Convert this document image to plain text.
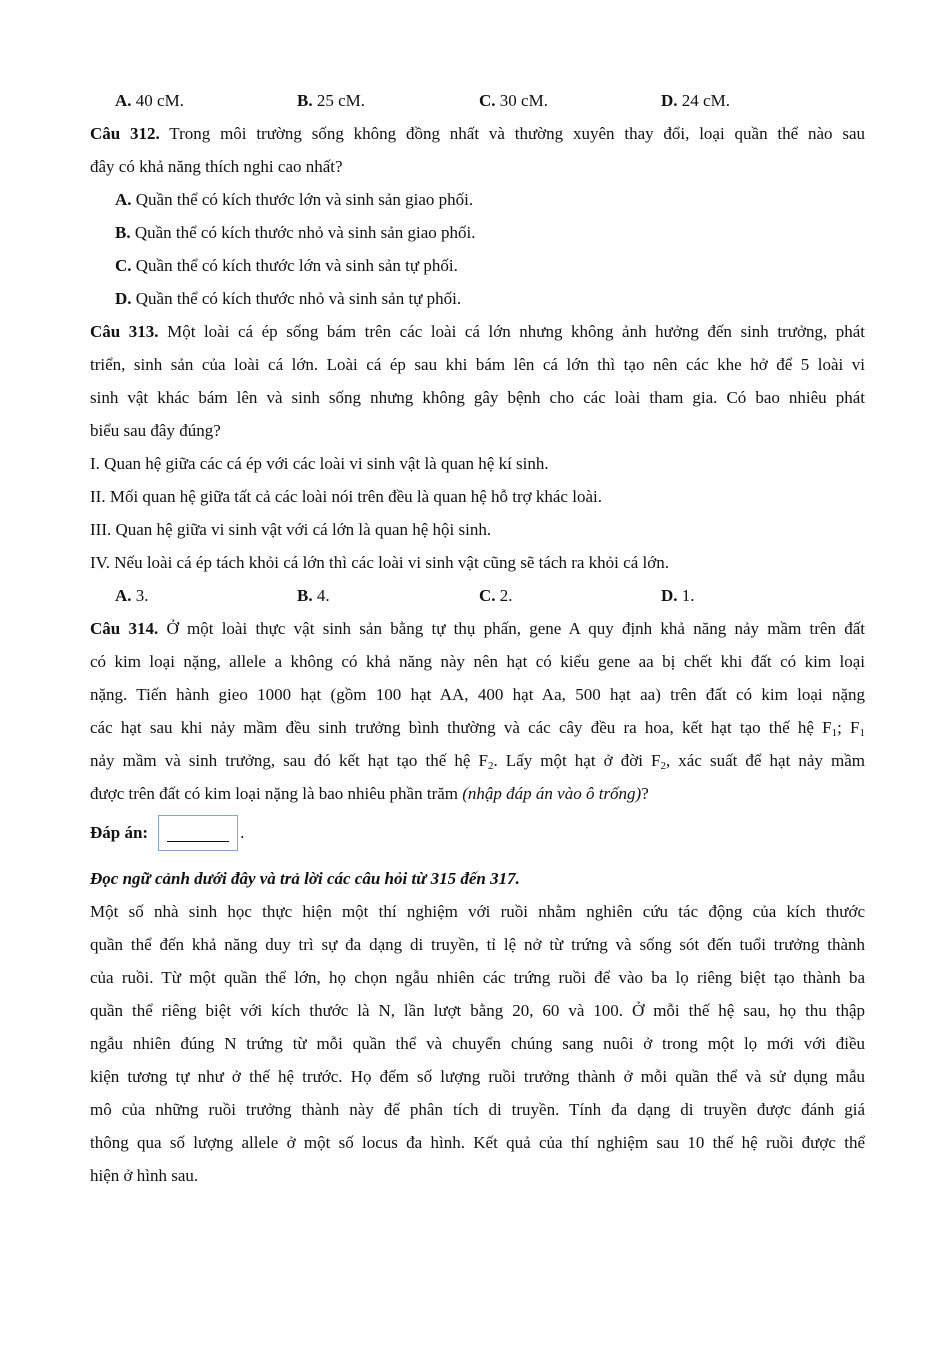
A. 40 cM.	B. 25 cM.	C. 30 cM.	D. 24 cM.
Câu 312. Trong môi trường sống không đồng nhất và thường xuyên thay đổi, loại quần thể nào sau
đây có khả năng thích nghi cao nhất?
A. Quần thể có kích thước lớn và sinh sản giao phối.
B. Quần thể có kích thước nhỏ và sinh sản giao phối.
C. Quần thể có kích thước lớn và sinh sản tự phối.
D. Quần thể có kích thước nhỏ và sinh sản tự phối.
Câu 313. Một loài cá ép sống bám trên các loài cá lớn nhưng không ảnh hưởng đến sinh trưởng, phát
triển, sinh sản của loài cá lớn. Loài cá ép sau khi bám lên cá lớn thì tạo nên các khe hở để 5 loài vi
sinh vật khác bám lên và sinh sống nhưng không gây bệnh cho các loài tham gia. Có bao nhiêu phát
biểu sau đây đúng?
I. Quan hệ giữa các cá ép với các loài vi sinh vật là quan hệ kí sinh.
II. Mối quan hệ giữa tất cả các loài nói trên đều là quan hệ hỗ trợ khác loài.
III. Quan hệ giữa vi sinh vật với cá lớn là quan hệ hội sinh.
IV. Nếu loài cá ép tách khỏi cá lớn thì các loài vi sinh vật cũng sẽ tách ra khỏi cá lớn.
A. 3.	B. 4.	C. 2.	D. 1.
Câu 314. Ở một loài thực vật sinh sản bằng tự thụ phấn, gene A quy định khả năng nảy mầm trên đất
có kim loại nặng, allele a không có khả năng này nên hạt có kiểu gene aa bị chết khi đất có kim loại
nặng. Tiến hành gieo 1000 hạt (gồm 100 hạt AA, 400 hạt Aa, 500 hạt aa) trên đất có kim loại nặng
các hạt sau khi nảy mầm đều sinh trưởng bình thường và các cây đều ra hoa, kết hạt tạo thế hệ $F_1$; $F_1$
nảy mầm và sinh trưởng, sau đó kết hạt tạo thế hệ $F_2$. Lấy một hạt ở đời $F_2$, xác suất để hạt nảy mầm
được trên đất có kim loại nặng là bao nhiêu phần trăm (nhập đáp án vào ô trống)?
Đáp án:	.
Đọc ngữ cảnh dưới đây và trả lời các câu hỏi từ 315 đến 317.
Một số nhà sinh học thực hiện một thí nghiệm với ruồi nhằm nghiên cứu tác động của kích thước
quần thể đến khả năng duy trì sự đa dạng di truyền, tỉ lệ nở từ trứng và sống sót đến tuổi trưởng thành
của ruồi. Từ một quần thể lớn, họ chọn ngẫu nhiên các trứng ruồi để vào ba lọ riêng biệt tạo thành ba
quần thể riêng biệt với kích thước là N, lần lượt bằng 20, 60 và 100. Ở mỗi thế hệ sau, họ thu thập
ngẫu nhiên đúng N trứng từ mỗi quần thể và chuyển chúng sang nuôi ở trong một lọ mới với điều
kiện tương tự như ở thế hệ trước. Họ đếm số lượng ruồi trưởng thành ở mỗi quần thể và sử dụng mẫu
mô của những ruồi trưởng thành này để phân tích di truyền. Tính đa dạng di truyền được đánh giá
thông qua số lượng allele ở một số locus đa hình. Kết quả của thí nghiệm sau 10 thế hệ ruồi được thể
hiện ở hình sau.
